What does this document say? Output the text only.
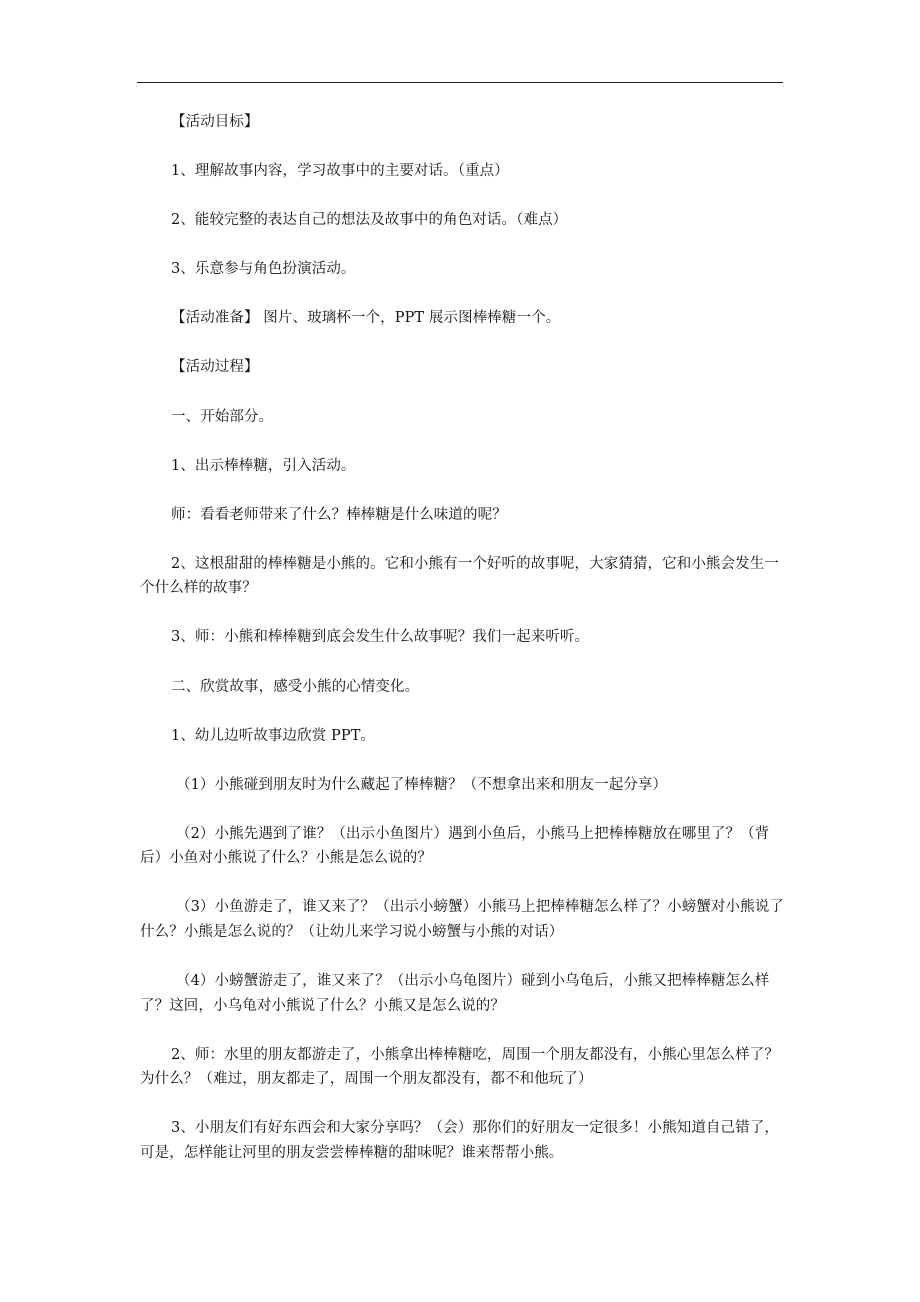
【活动目标】

1、理解故事内容，学习故事中的主要对话。（重点）

2、能较完整的表达自己的想法及故事中的角色对话。（难点）

3、乐意参与角色扮演活动。

【活动准备】 图片、玻璃杯一个，PPT 展示图棒棒糖一个。

【活动过程】

一、开始部分。

1、出示棒棒糖，引入活动。

师：看看老师带来了什么？棒棒糖是什么味道的呢？

2、这根甜甜的棒棒糖是小熊的。它和小熊有一个好听的故事呢，大家猜猜，它和小熊会发生一个什么样的故事？

3、师：小熊和棒棒糖到底会发生什么故事呢？我们一起来听听。

二、欣赏故事，感受小熊的心情变化。

1、幼儿边听故事边欣赏 PPT。

（1）小熊碰到朋友时为什么藏起了棒棒糖？（不想拿出来和朋友一起分享）

（2）小熊先遇到了谁？（出示小鱼图片）遇到小鱼后，小熊马上把棒棒糖放在哪里了？（背后）小鱼对小熊说了什么？小熊是怎么说的？

（3）小鱼游走了，谁又来了？（出示小螃蟹）小熊马上把棒棒糖怎么样了？小螃蟹对小熊说了什么？小熊是怎么说的？（让幼儿来学习说小螃蟹与小熊的对话）

（4）小螃蟹游走了，谁又来了？（出示小乌龟图片）碰到小乌龟后，小熊又把棒棒糖怎么样了？这回，小乌龟对小熊说了什么？小熊又是怎么说的？

2、师：水里的朋友都游走了，小熊拿出棒棒糖吃，周围一个朋友都没有，小熊心里怎么样了？为什么？（难过，朋友都走了，周围一个朋友都没有，都不和他玩了）

3、小朋友们有好东西会和大家分享吗？（会）那你们的好朋友一定很多！小熊知道自己错了，可是，怎样能让河里的朋友尝尝棒棒糖的甜味呢？谁来帮帮小熊。
